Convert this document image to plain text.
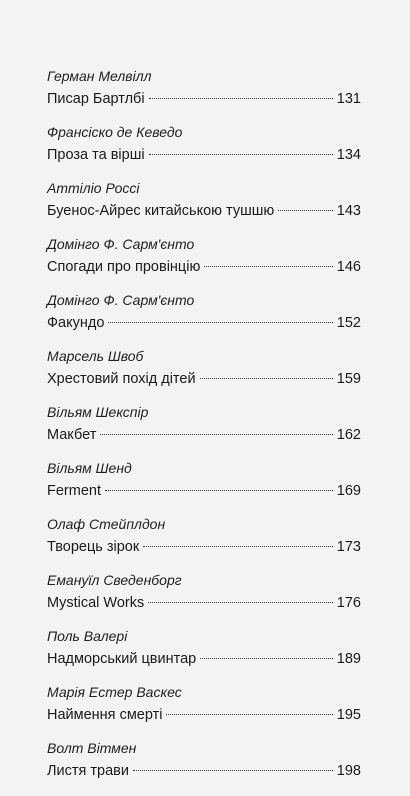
Герман Мелвілл
Писар Бартлбі	131
Франсіско де Кеведо
Проза та вірші	134
Аттіліо Россі
Буенос-Айрес китайською тушшю	143
Домінго Ф. Сарм'єнто
Спогади про провінцію	146
Домінго Ф. Сарм'єнто
Факундо	152
Марсель Швоб
Хрестовий похід дітей	159
Вільям Шекспір
Макбет	162
Вільям Шенд
Ferment	169
Олаф Стейплдон
Творець зірок	173
Емануїл Сведенборг
Mystical Works	176
Поль Валері
Надморський цвинтар	189
Марія Естер Васкес
Наймення смерті	195
Волт Вітмен
Листя трави	198
